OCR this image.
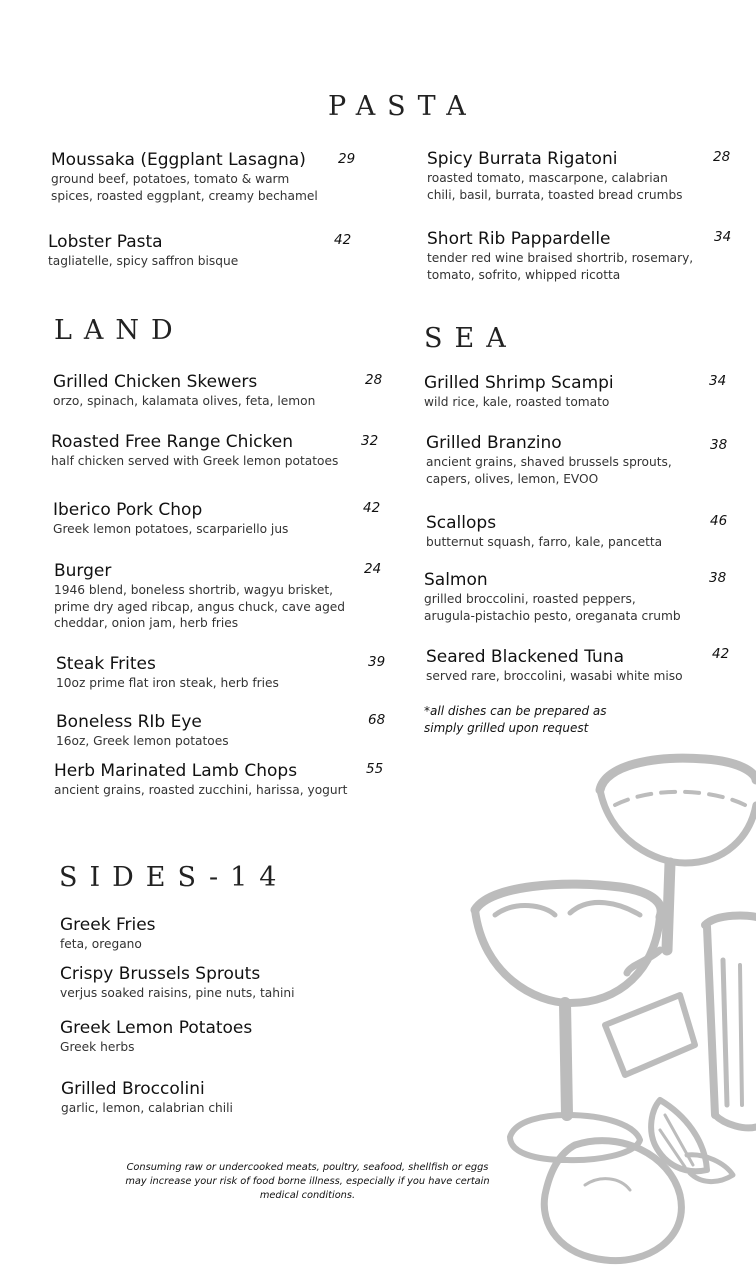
PASTA
Moussaka (Eggplant Lasagna)
ground beef, potatoes, tomato & warm
spices, roasted eggplant, creamy bechamel
29
Lobster Pasta
tagliatelle, spicy saffron bisque
42
Spicy Burrata Rigatoni
roasted tomato, mascarpone, calabrian
chili, basil, burrata, toasted bread crumbs
28
Short Rib Pappardelle
tender red wine braised shortrib, rosemary,
tomato, sofrito, whipped ricotta
34
LAND
Grilled Chicken Skewers
orzo, spinach, kalamata olives, feta, lemon
28
Roasted Free Range Chicken
half chicken served with Greek lemon potatoes
32
Iberico Pork Chop
Greek lemon potatoes, scarpariello jus
42
Burger
1946 blend, boneless shortrib, wagyu brisket,
prime dry aged ribcap, angus chuck, cave aged
cheddar, onion jam, herb fries
24
Steak Frites
10oz prime flat iron steak, herb fries
39
Boneless RIb Eye
16oz, Greek lemon potatoes
68
Herb Marinated Lamb Chops
ancient grains, roasted zucchini, harissa, yogurt
55
SEA
Grilled Shrimp Scampi
wild rice, kale, roasted tomato
34
Grilled Branzino
ancient grains, shaved brussels sprouts,
capers, olives, lemon, EVOO
38
Scallops
butternut squash, farro, kale, pancetta
46
Salmon
grilled broccolini, roasted peppers,
arugula-pistachio pesto, oreganata crumb
38
Seared Blackened Tuna
served rare, broccolini, wasabi white miso
42
*all dishes can be prepared as
simply grilled upon request
SIDES-14
Greek Fries
feta, oregano
Crispy Brussels Sprouts
verjus soaked raisins, pine nuts, tahini
Greek Lemon Potatoes
Greek herbs
Grilled Broccolini
garlic, lemon, calabrian chili
Consuming raw or undercooked meats, poultry, seafood, shellfish or eggs
may increase your risk of food borne illness, especially if you have certain
medical conditions.
